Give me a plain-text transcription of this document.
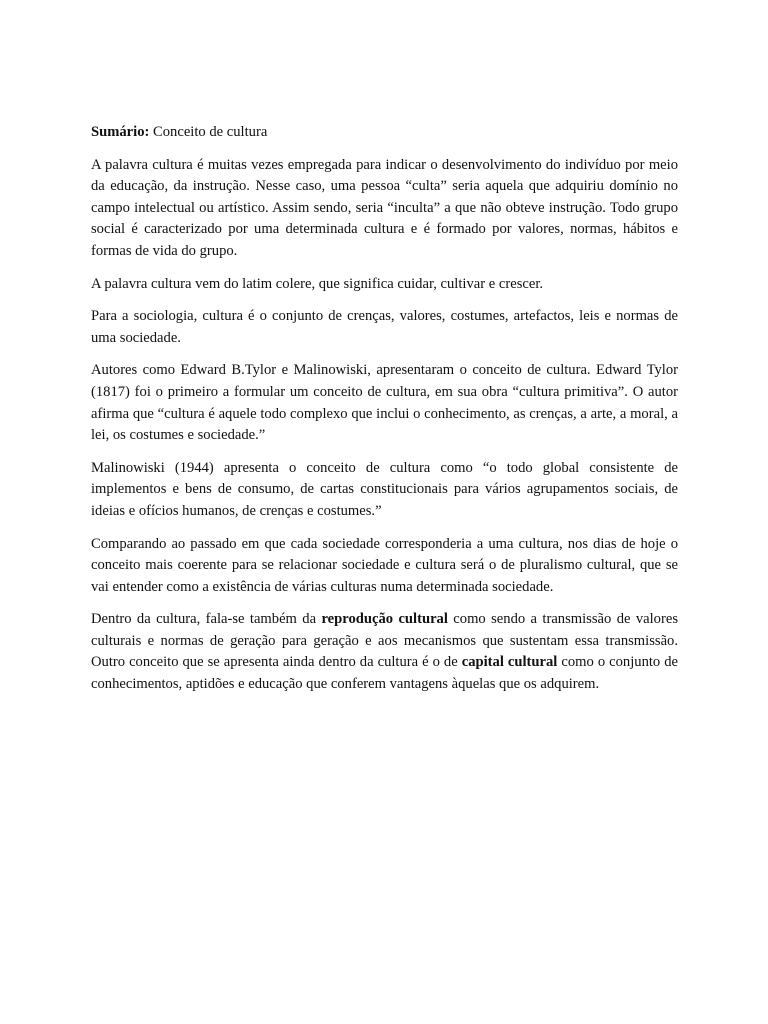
Sumário: Conceito de cultura

A palavra cultura é muitas vezes empregada para indicar o desenvolvimento do indivíduo por meio da educação, da instrução. Nesse caso, uma pessoa “culta” seria aquela que adquiriu domínio no campo intelectual ou artístico. Assim sendo, seria “inculta” a que não obteve instrução. Todo grupo social é caracterizado por uma determinada cultura e é formado por valores, normas, hábitos e formas de vida do grupo.

A palavra cultura vem do latim colere, que significa cuidar, cultivar e crescer.

Para a sociologia, cultura é o conjunto de crenças, valores, costumes, artefactos, leis e normas de uma sociedade.

Autores como Edward B.Tylor e Malinowiski, apresentaram o conceito de cultura. Edward Tylor (1817) foi o primeiro a formular um conceito de cultura, em sua obra “cultura primitiva”. O autor afirma que “cultura é aquele todo complexo que inclui o conhecimento, as crenças, a arte, a moral, a lei, os costumes e sociedade.”

Malinowiski (1944) apresenta o conceito de cultura como “o todo global consistente de implementos e bens de consumo, de cartas constitucionais para vários agrupamentos sociais, de ideias e ofícios humanos, de crenças e costumes.”

Comparando ao passado em que cada sociedade corresponderia a uma cultura, nos dias de hoje o conceito mais coerente para se relacionar sociedade e cultura será o de pluralismo cultural, que se vai entender como a existência de várias culturas numa determinada sociedade.

Dentro da cultura, fala-se também da reprodução cultural como sendo a transmissão de valores culturais e normas de geração para geração e aos mecanismos que sustentam essa transmissão. Outro conceito que se apresenta ainda dentro da cultura é o de capital cultural como o conjunto de conhecimentos, aptidões e educação que conferem vantagens àquelas que os adquirem.
